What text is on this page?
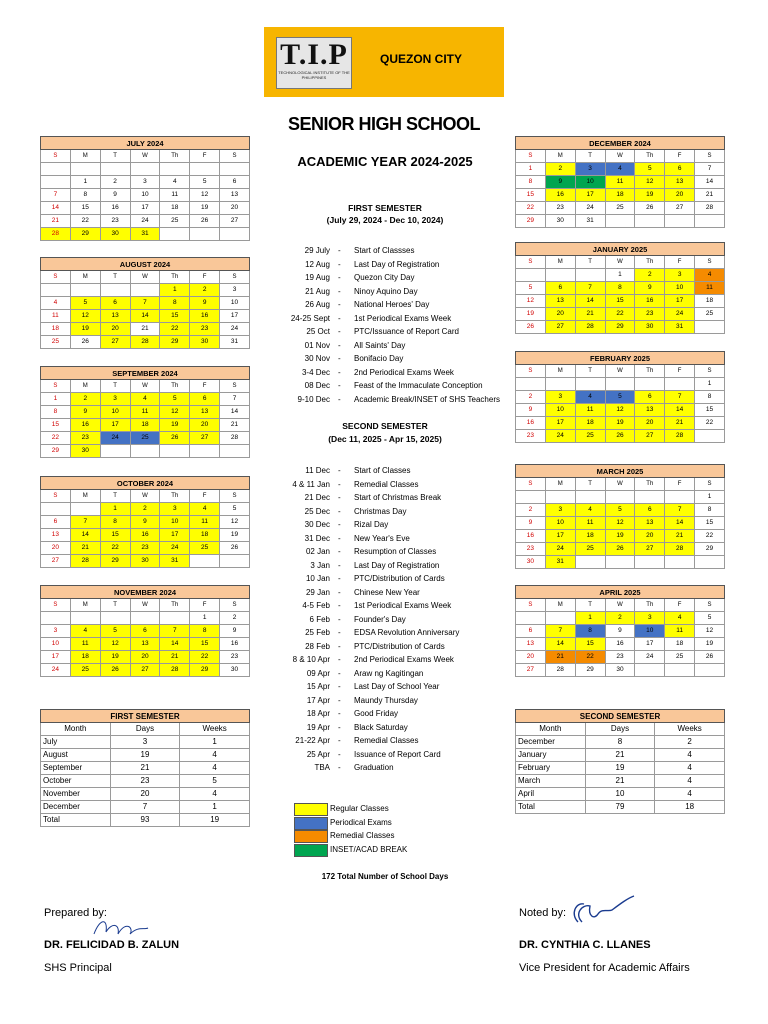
T.I.P
TECHNOLOGICAL INSTITUTE OF THE PHILIPPINES
QUEZON CITY
SENIOR HIGH SCHOOL
ACADEMIC YEAR 2024-2025
FIRST SEMESTER
(July 29, 2024 - Dec 10, 2024)
SECOND SEMESTER
(Dec 11, 2025 - Apr 15, 2025)
JULY 2024						
S	M	T	W	Th	F	S

	1	2	3	4	5	6
7	8	9	10	11	12	13
14	15	16	17	18	19	20
21	22	23	24	25	26	27
28	29	30	31			
AUGUST 2024						
S	M	T	W	Th	F	S
				1	2	3
4	5	6	7	8	9	10
11	12	13	14	15	16	17
18	19	20	21	22	23	24
25	26	27	28	29	30	31
SEPTEMBER 2024						
S	M	T	W	Th	F	S
1	2	3	4	5	6	7
8	9	10	11	12	13	14
15	16	17	18	19	20	21
22	23	24	25	26	27	28
29	30					
OCTOBER 2024						
S	M	T	W	Th	F	S
		1	2	3	4	5
6	7	8	9	10	11	12
13	14	15	16	17	18	19
20	21	22	23	24	25	26
27	28	29	30	31		
NOVEMBER 2024						
S	M	T	W	Th	F	S
					1	2
3	4	5	6	7	8	9
10	11	12	13	14	15	16
17	18	19	20	21	22	23
24	25	26	27	28	29	30
DECEMBER 2024						
S	M	T	W	Th	F	S
1	2	3	4	5	6	7
8	9	10	11	12	13	14
15	16	17	18	19	20	21
22	23	24	25	26	27	28
29	30	31				
JANUARY 2025						
S	M	T	W	Th	F	S
			1	2	3	4
5	6	7	8	9	10	11
12	13	14	15	16	17	18
19	20	21	22	23	24	25
26	27	28	29	30	31	
FEBRUARY 2025						
S	M	T	W	Th	F	S
						1
2	3	4	5	6	7	8
9	10	11	12	13	14	15
16	17	18	19	20	21	22
23	24	25	26	27	28	
MARCH 2025						
S	M	T	W	Th	F	S
						1
2	3	4	5	6	7	8
9	10	11	12	13	14	15
16	17	18	19	20	21	22
23	24	25	26	27	28	29
30	31					
APRIL 2025						
S	M	T	W	Th	F	S
		1	2	3	4	5
6	7	8	9	10	11	12
13	14	15	16	17	18	19
20	21	22	23	24	25	26
27	28	29	30			
29 July - Start of Classses
12 Aug - Last Day of Registration
19 Aug - Quezon City Day
21 Aug - Ninoy Aquino Day
26 Aug - National Heroes' Day
24-25 Sept - 1st Periodical Exams Week
25 Oct - PTC/Issuance of Report Card
01 Nov - All Saints' Day
30 Nov - Bonifacio Day
3-4 Dec - 2nd Periodical Exams Week
08 Dec - Feast of the Immaculate Conception
9-10 Dec - Academic Break/INSET of SHS Teachers
11 Dec - Start of Classes
4 & 11 Jan - Remedial Classes
21 Dec - Start of Christmas Break
25 Dec - Christmas Day
30 Dec - Rizal Day
31 Dec - New Year's Eve
02 Jan - Resumption of Classes
3 Jan - Last Day of Registration
10 Jan - PTC/Distribution of Cards
29 Jan - Chinese New Year
4-5 Feb - 1st Periodical Exams Week
6 Feb - Founder's Day
25 Feb - EDSA Revolution Anniversary
28 Feb - PTC/Distribution of Cards
8 & 10 Apr - 2nd Periodical Exams Week
09 Apr - Araw ng Kagitingan
15 Apr - Last Day of School Year
17 Apr - Maundy Thursday
18 Apr - Good Friday
19 Apr - Black Saturday
21-22 Apr - Remedial Classes
25 Apr - Issuance of Report Card
TBA - Graduation
FIRST SEMESTER		
Month	Days	Weeks
July	3	1
August	19	4
September	21	4
October	23	5
November	20	4
December	7	1
Total	93	19
SECOND SEMESTER		
Month	Days	Weeks
December	8	2
January	21	4
February	19	4
March	21	4
April	10	4
Total	79	18
Regular Classes
Periodical Exams
Remedial Classes
INSET/ACAD BREAK
172 Total Number of School Days
Prepared by:
DR. FELICIDAD B. ZALUN
SHS Principal
Noted by:
DR. CYNTHIA C. LLANES
Vice President for Academic Affairs
